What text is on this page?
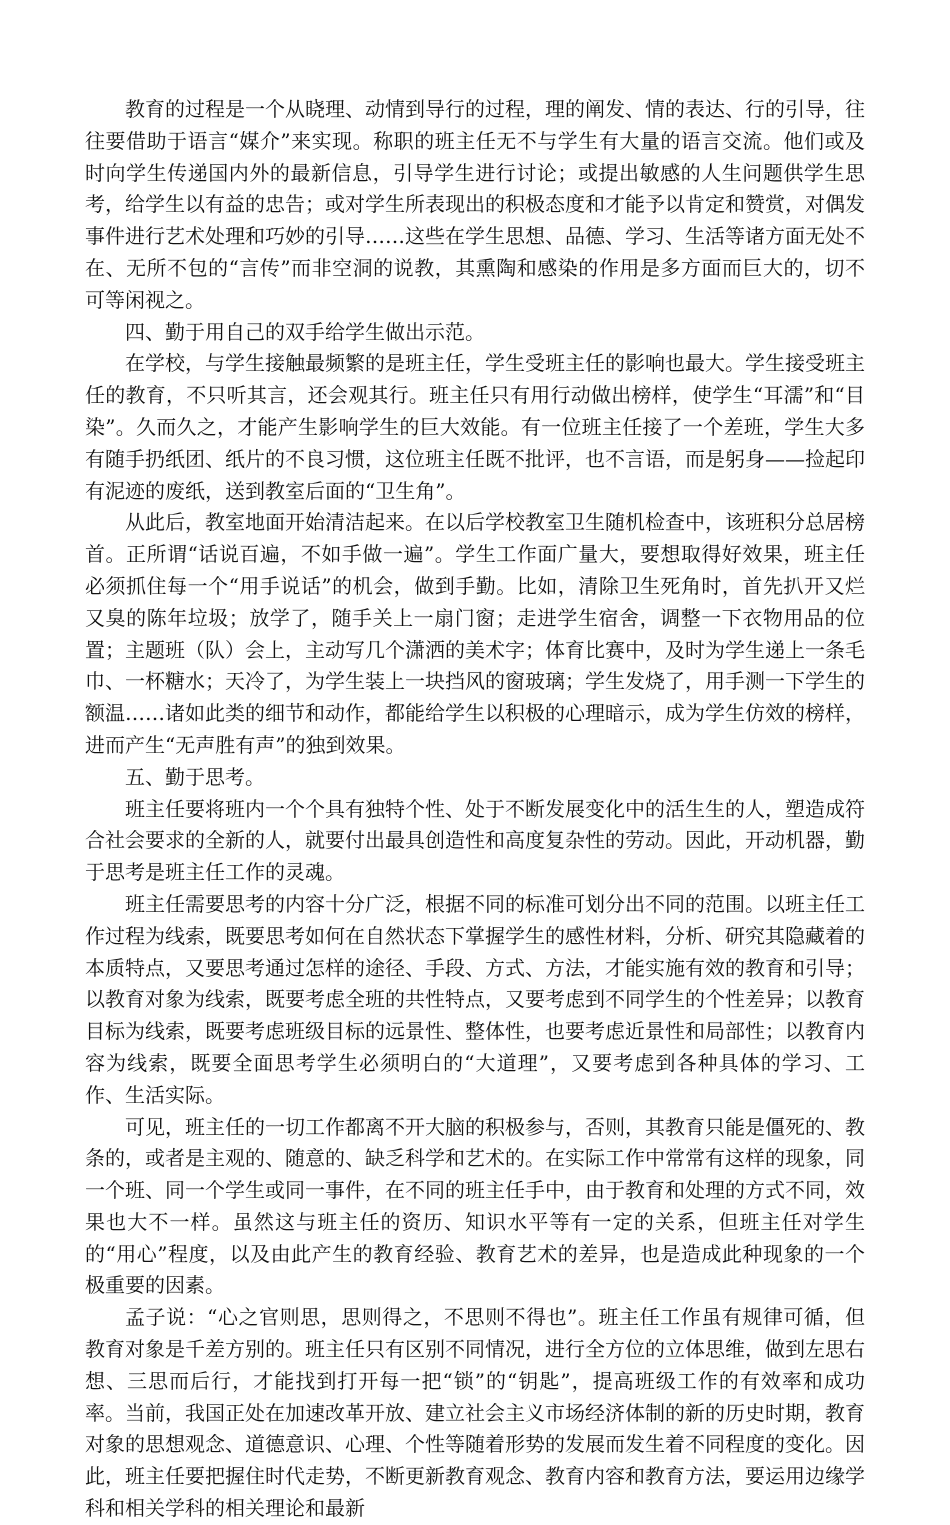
教育的过程是一个从晓理、动情到导行的过程，理的阐发、情的表达、行的引导，往往要借助于语言“媒介”来实现。称职的班主任无不与学生有大量的语言交流。他们或及时向学生传递国内外的最新信息，引导学生进行讨论；或提出敏感的人生问题供学生思考，给学生以有益的忠告；或对学生所表现出的积极态度和才能予以肯定和赞赏，对偶发事件进行艺术处理和巧妙的引导……这些在学生思想、品德、学习、生活等诸方面无处不在、无所不包的“言传”而非空洞的说教，其熏陶和感染的作用是多方面而巨大的，切不可等闲视之。

四、勤于用自己的双手给学生做出示范。

在学校，与学生接触最频繁的是班主任，学生受班主任的影响也最大。学生接受班主任的教育，不只听其言，还会观其行。班主任只有用行动做出榜样，使学生“耳濡”和“目染”。久而久之，才能产生影响学生的巨大效能。有一位班主任接了一个差班，学生大多有随手扔纸团、纸片的不良习惯，这位班主任既不批评，也不言语，而是躬身——捡起印有泥迹的废纸，送到教室后面的“卫生角”。

从此后，教室地面开始清洁起来。在以后学校教室卫生随机检查中，该班积分总居榜首。正所谓“话说百遍，不如手做一遍”。学生工作面广量大，要想取得好效果，班主任必须抓住每一个“用手说话”的机会，做到手勤。比如，清除卫生死角时，首先扒开又烂又臭的陈年垃圾；放学了，随手关上一扇门窗；走进学生宿舍，调整一下衣物用品的位置；主题班（队）会上，主动写几个潇洒的美术字；体育比赛中，及时为学生递上一条毛巾、一杯糖水；天冷了，为学生装上一块挡风的窗玻璃；学生发烧了，用手测一下学生的额温……诸如此类的细节和动作，都能给学生以积极的心理暗示，成为学生仿效的榜样，进而产生“无声胜有声”的独到效果。

五、勤于思考。

班主任要将班内一个个具有独特个性、处于不断发展变化中的活生生的人，塑造成符合社会要求的全新的人，就要付出最具创造性和高度复杂性的劳动。因此，开动机器，勤于思考是班主任工作的灵魂。

班主任需要思考的内容十分广泛，根据不同的标准可划分出不同的范围。以班主任工作过程为线索，既要思考如何在自然状态下掌握学生的感性材料，分析、研究其隐藏着的本质特点，又要思考通过怎样的途径、手段、方式、方法，才能实施有效的教育和引导；以教育对象为线索，既要考虑全班的共性特点，又要考虑到不同学生的个性差异；以教育目标为线索，既要考虑班级目标的远景性、整体性，也要考虑近景性和局部性；以教育内容为线索，既要全面思考学生必须明白的“大道理”，又要考虑到各种具体的学习、工作、生活实际。

可见，班主任的一切工作都离不开大脑的积极参与，否则，其教育只能是僵死的、教条的，或者是主观的、随意的、缺乏科学和艺术的。在实际工作中常常有这样的现象，同一个班、同一个学生或同一事件，在不同的班主任手中，由于教育和处理的方式不同，效果也大不一样。虽然这与班主任的资历、知识水平等有一定的关系，但班主任对学生的“用心”程度，以及由此产生的教育经验、教育艺术的差异，也是造成此种现象的一个极重要的因素。

孟子说：“心之官则思，思则得之，不思则不得也”。班主任工作虽有规律可循，但教育对象是千差方别的。班主任只有区别不同情况，进行全方位的立体思维，做到左思右想、三思而后行，才能找到打开每一把“锁”的“钥匙”，提高班级工作的有效率和成功率。当前，我国正处在加速改革开放、建立社会主义市场经济体制的新的历史时期，教育对象的思想观念、道德意识、心理、个性等随着形势的发展而发生着不同程度的变化。因此，班主任要把握住时代走势，不断更新教育观念、教育内容和教育方法，要运用边缘学科和相关学科的相关理论和最新
